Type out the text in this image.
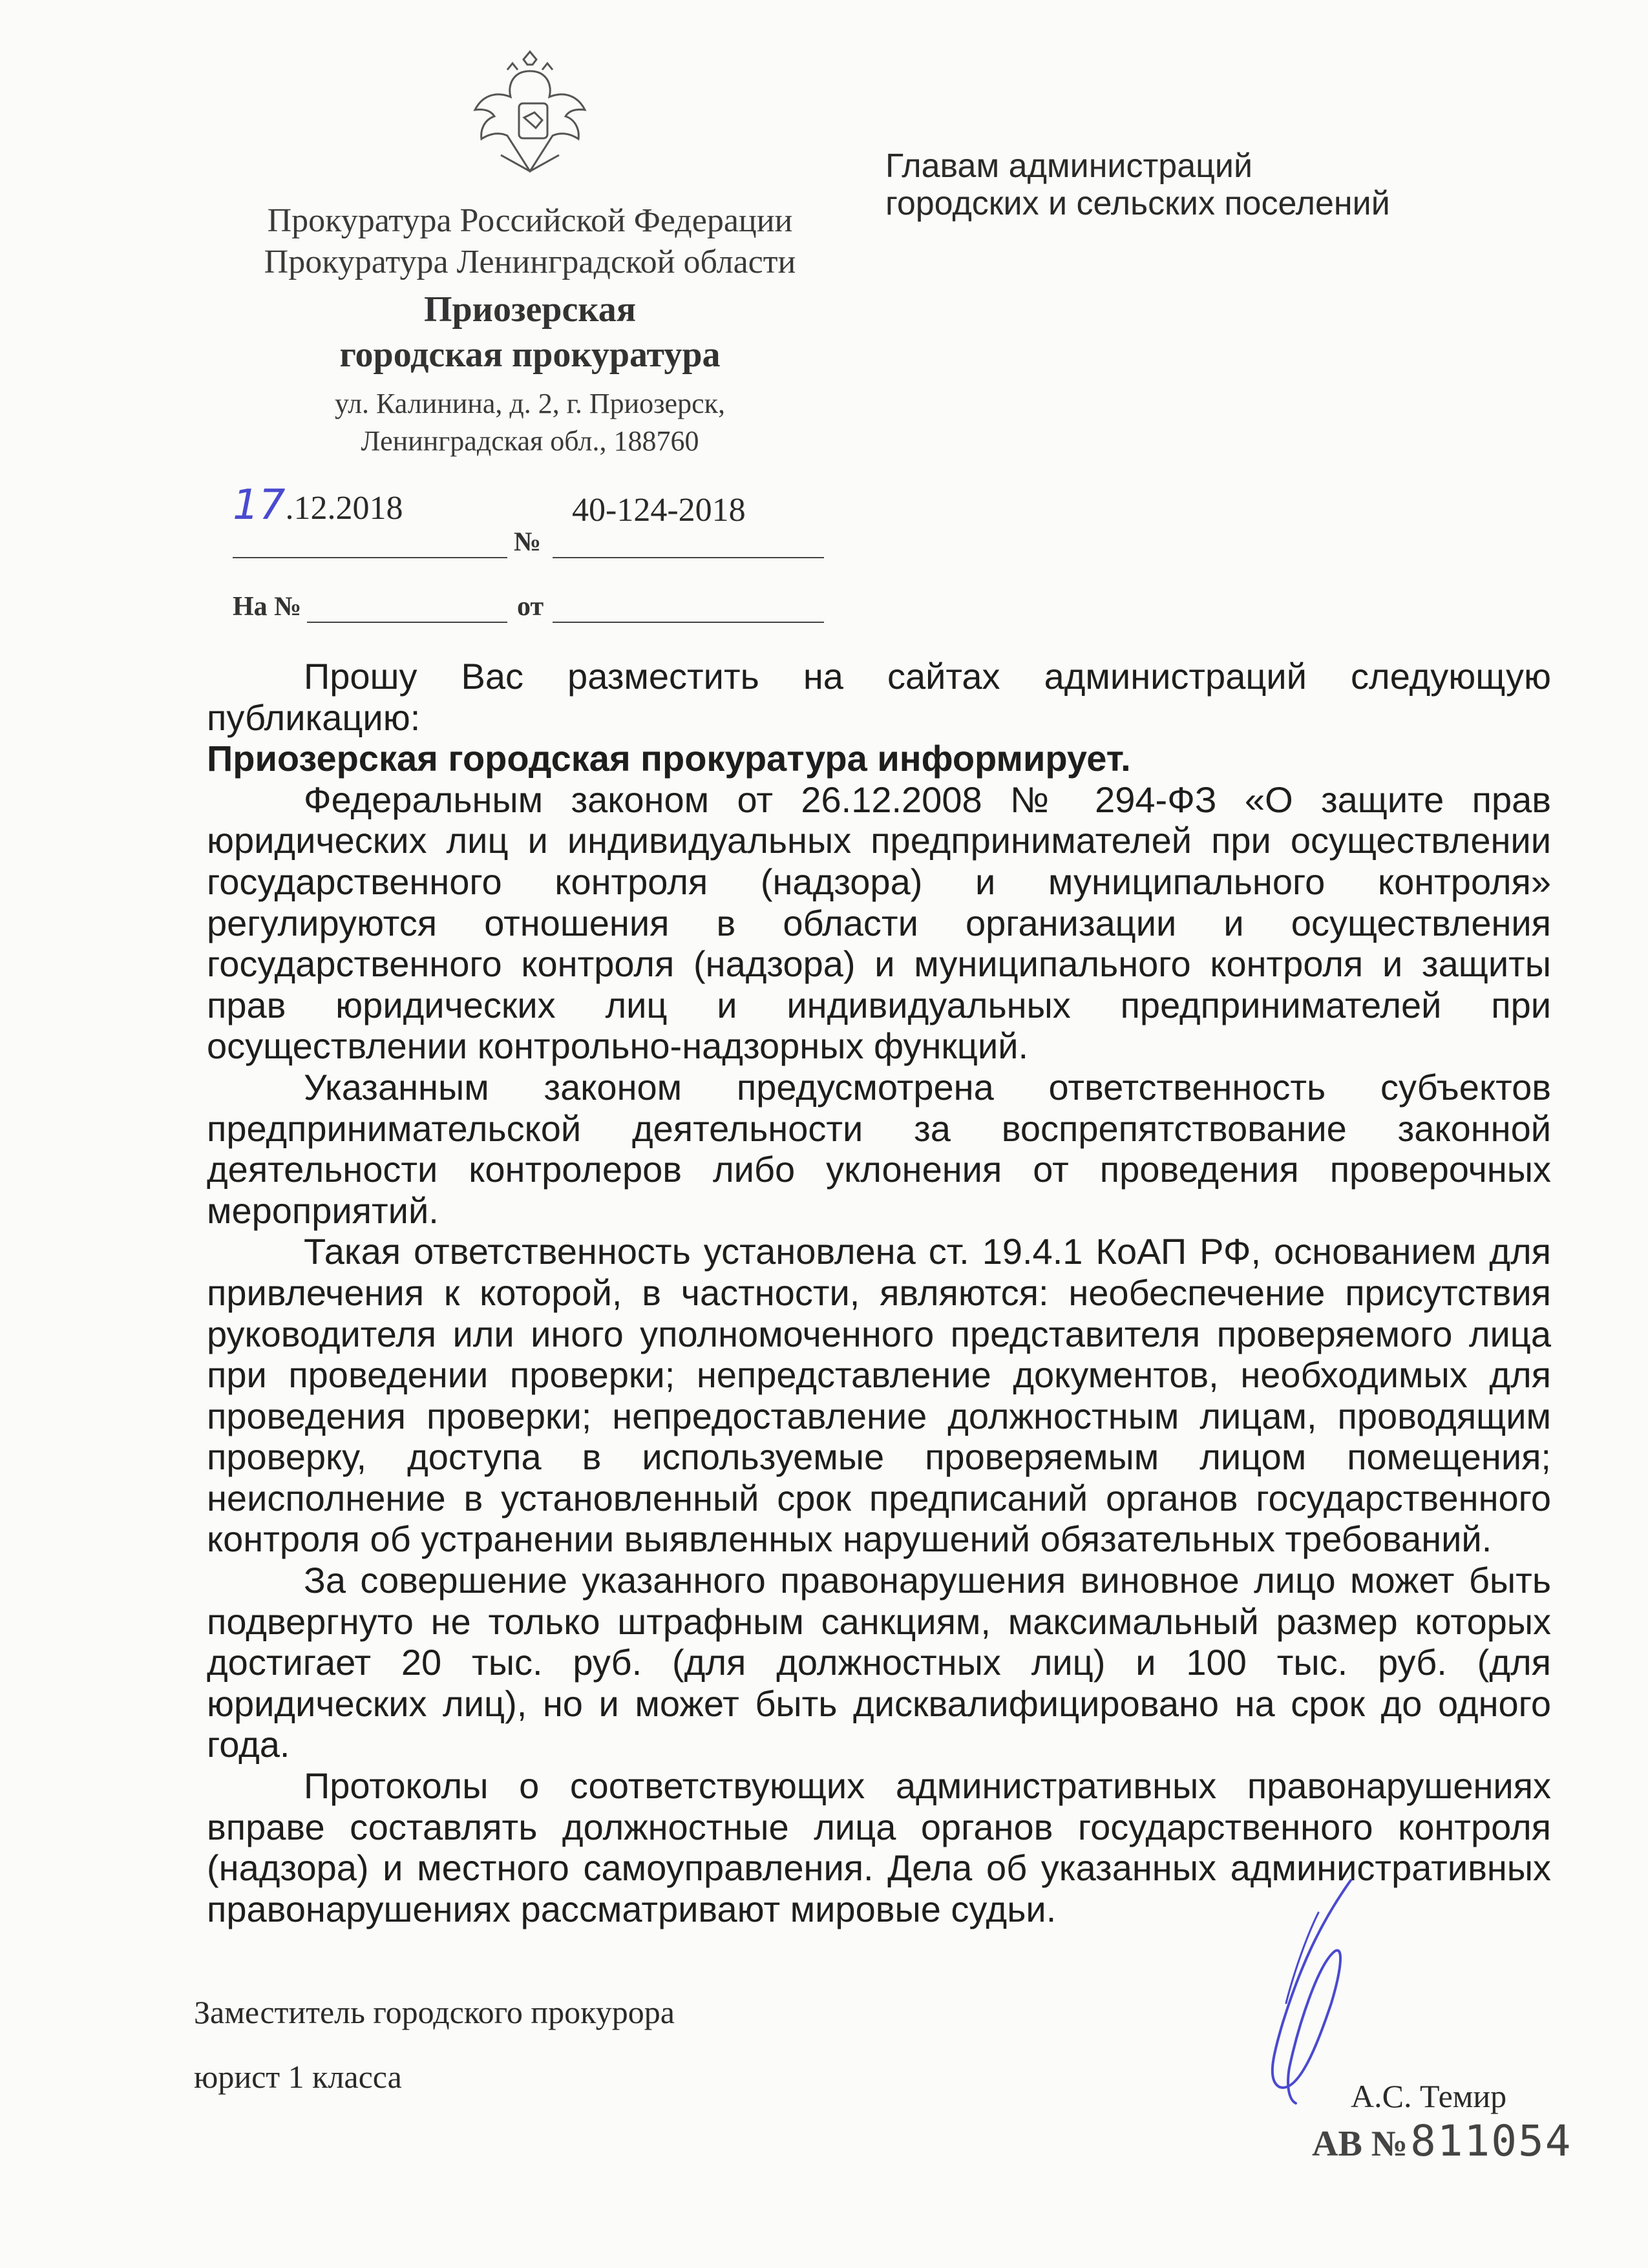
Прокуратура Российской Федерации
Прокуратура Ленинградской области
Приозерская
городская прокуратура
ул. Калинина, д. 2, г. Приозерск,
Ленинградская обл., 188760
Главам администраций
городских и сельских поселений
17.12.2018	40-124-2018
№
На №	от

Прошу Вас разместить на сайтах администраций следующую публикацию:

Приозерская городская прокуратура информирует.

Федеральным законом от 26.12.2008 № 294-ФЗ «О защите прав юридических лиц и индивидуальных предпринимателей при осуществлении государственного контроля (надзора) и муниципального контроля» регулируются отношения в области организации и осуществления государственного контроля (надзора) и муниципального контроля и защиты прав юридических лиц и индивидуальных предпринимателей при осуществлении контрольно-надзорных функций.

Указанным законом предусмотрена ответственность субъектов предпринимательской деятельности за воспрепятствование законной деятельности контролеров либо уклонения от проведения проверочных мероприятий.

Такая ответственность установлена ст. 19.4.1 КоАП РФ, основанием для привлечения к которой, в частности, являются: необеспечение присутствия руководителя или иного уполномоченного представителя проверяемого лица при проведении проверки; непредставление документов, необходимых для проведения проверки; непредоставление должностным лицам, проводящим проверку, доступа в используемые проверяемым лицом помещения; неисполнение в установленный срок предписаний органов государственного контроля об устранении выявленных нарушений обязательных требований.

За совершение указанного правонарушения виновное лицо может быть подвергнуто не только штрафным санкциям, максимальный размер которых достигает 20 тыс. руб. (для должностных лиц) и 100 тыс. руб. (для юридических лиц), но и может быть дисквалифицировано на срок до одного года.

Протоколы о соответствующих административных правонарушениях вправе составлять должностные лица органов государственного контроля (надзора) и местного самоуправления. Дела об указанных административных правонарушениях рассматривают мировые судьи.

Заместитель городского прокурора
юрист 1 класса
А.С. Темир
АВ № 811054
